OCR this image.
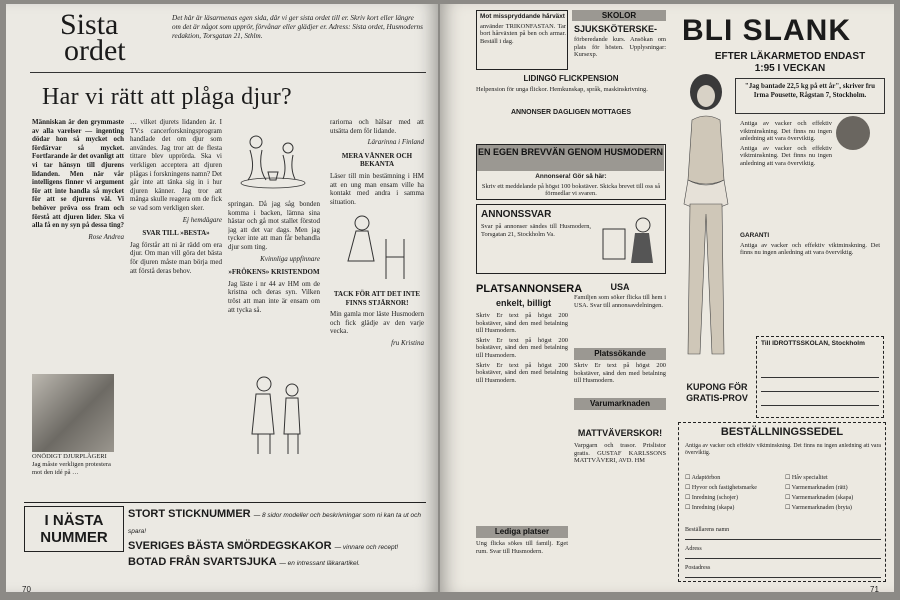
Sista
ordet
Det här är läsarmenas egen sida, där vi ger sista ordet till er. Skriv kort eller längre om det är något som upprör, förvånar eller glädjer er. Adress: Sista ordet, Husmoderns redaktion, Torsgatan 21, Sthlm.
Har vi rätt att plåga djur?

Människan är den grymmaste av alla varelser — ingenting dödar hon så mycket och fördärvar så mycket. Fortfarande är det ovanligt att vi tar hänsyn till djurens lidanden. Men när vår intelligens finner vi argument för att inte handla så mycket för att se djurens väl. Vi behöver pröva oss fram och förstå att djuren lider. Ska vi alla få en ny syn på dessa ting?

Rose Andrea
ONÖDIGT DJURPLÅGERI Jag måste verkligen protestera mot den idé på …

… vilket djurets lidanden är. I TV:s cancerforskningsprogram handlade det om djur som användes. Jag tror att de flesta tittare blev upprörda. Ska vi verkligen acceptera att djuren plågas i forskningens namn? Det går inte att tänka sig in i hur djuren känner. Jag tror att många skulle reagera om de fick se vad som verkligen sker.

Ej hemdägare
SVAR TILL »BESTA»

Jag förstår att ni är rädd om era djur. Om man vill göra det bästa för djuren måste man börja med att förstå deras behov.

springan. Då jag såg bonden komma i backen, lämna sina hästar och gå mot stallet förstod jag att det var dags. Men jag tycker inte att man får behandla djur som ting.

Kvinnliga uppfinnare
»FRÖKENS» KRISTENDOM

Jag läste i nr 44 av HM om de kristna och deras syn. Vilken tröst att man inte är ensam om att tycka så.

rariorna och hälsar med att utsätta dem för lidande.

Lärarinna i Finland
MERA VÄNNER OCH BEKANTA

Läser till min bestämning i HM att en ung man ensam ville ha kontakt med andra i samma situation.

TACK FÖR ATT DET INTE FINNS STJÄRNOR!

Min gamla mor läste Husmodern och fick glädje av den varje vecka.

fru Kristina
I NÄSTA
NUMMER
STORT STICKNUMMER — 8 sidor modeller och beskrivningar som ni kan ta ut och spara!
SVERIGES BÄSTA SMÖRDEGSKAKOR — vinnare och recept!
BOTAD FRÅN SVARTSJUKA — en intressant läkarartikel.
70

Mot misspryddande hårväxt

använder TRIKONFASTAN. Tar bort hårväxten på ben och armar. Beställ i dag.

SKOLOR

SJUKSKÖTERSKE-

förberedande kurs. Ansökan om plats för hösten. Upplysningar: Kursexp.

LIDINGÖ FLICKPENSION

Helpension för unga flickor. Hemkunskap, språk, maskinskrivning.

ANNONSER DAGLIGEN MOTTAGES

EN EGEN BREVVÄN GENOM HUSMODERN

Annonsera! Gör så här:

Skriv ett meddelande på högst 100 bokstäver. Skicka brevet till oss så förmedlar vi svaren.

ANNONSSVAR

Svar på annonser sändes till Husmodern, Torsgatan 21, Stockholm Va.

PLATSANNONSERA
enkelt, billigt

Skriv Er text på högst 200 bokstäver, sänd den med betalning till Husmodern.

Skriv Er text på högst 200 bokstäver, sänd den med betalning till Husmodern.

Skriv Er text på högst 200 bokstäver, sänd den med betalning till Husmodern.

Lediga platser
Ung flicka sökes till familj. Eget rum. Svar till Husmodern.
USA
Familjen som söker flicka till hem i USA. Svar till annonsavdelningen.
Platssökande
Skriv Er text på högst 200 bokstäver, sänd den med betalning till Husmodern.
Varumarknaden
MATTVÄVERSKOR!
Varpgarn och trasor. Prislistor gratis. GUSTAF KARLSSONS MATTVÄVERI, AVD. HM
BLI SLANK
EFTER LÄKARMETOD ENDAST
1:95 I VECKAN
"Jag bantade 22,5 kg på ett år", skriver fru Irma Pousette, Rågstan 7, Stockholm.

Antiga av vacker och effektiv viktminskning. Det finns nu ingen anledning att vara överviktig.

Antiga av vacker och effektiv viktminskning. Det finns nu ingen anledning att vara överviktig.

GARANTI

Antiga av vacker och effektiv viktminskning. Det finns nu ingen anledning att vara överviktig.

KUPONG FÖR
GRATIS-PROV
Till IDROTTSSKOLAN, Stockholm
BESTÄLLNINGSSEDEL
Antiga av vacker och effektiv viktminskning. Det finns nu ingen anledning att vara överviktig.
☐ Adaptörbon
☐ Hyvor och fastighetsmarke
☐ Inredning (schojer)
☐ Inredning (skapa)
☐ Håv specialitet
☐ Varmemarknaden (rätt)
☐ Varmemarknaden (skapa)
☐ Varmemarknaden (bryta)
Beställarens namn
Adress
Postadress
71
